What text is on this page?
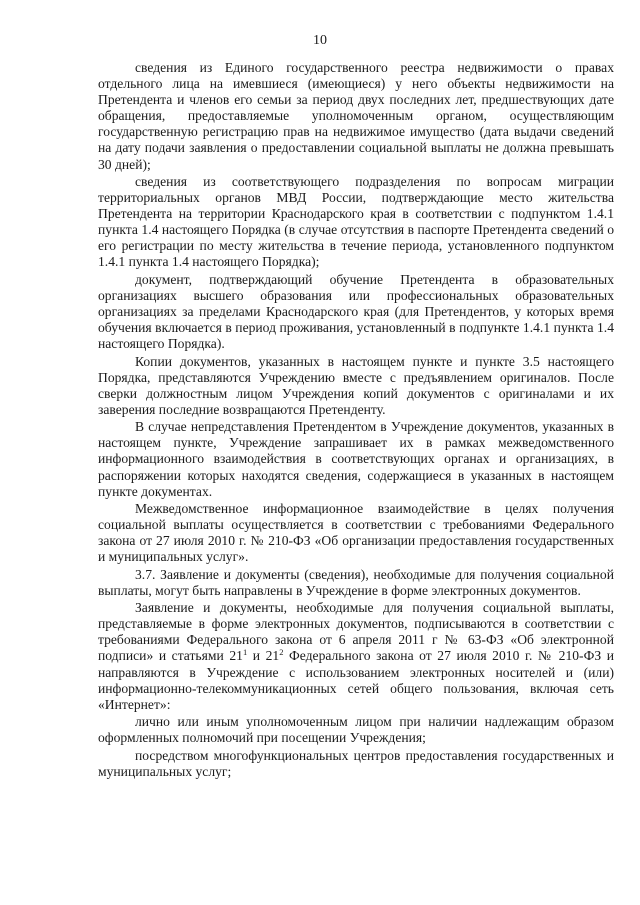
10

сведения из Единого государственного реестра недвижимости о правах отдельного лица на имевшиеся (имеющиеся) у него объекты недвижимости на Претендента и членов его семьи за период двух последних лет, предшествующих дате обращения, предоставляемые уполномоченным органом, осуществляющим государственную регистрацию прав на недвижимое имущество (дата выдачи сведений на дату подачи заявления о предоставлении социальной выплаты не должна превышать 30 дней);

сведения из соответствующего подразделения по вопросам миграции территориальных органов МВД России, подтверждающие место жительства Претендента на территории Краснодарского края в соответствии с подпунктом 1.4.1 пункта 1.4 настоящего Порядка (в случае отсутствия в паспорте Претендента сведений о его регистрации по месту жительства в течение периода, установленного подпунктом 1.4.1 пункта 1.4 настоящего Порядка);

документ, подтверждающий обучение Претендента в образовательных организациях высшего образования или профессиональных образовательных организациях за пределами Краснодарского края (для Претендентов, у которых время обучения включается в период проживания, установленный в подпункте 1.4.1 пункта 1.4 настоящего Порядка).

Копии документов, указанных в настоящем пункте и пункте 3.5 настоящего Порядка, представляются Учреждению вместе с предъявлением оригиналов. После сверки должностным лицом Учреждения копий документов с оригиналами и их заверения последние возвращаются Претенденту.

В случае непредставления Претендентом в Учреждение документов, указанных в настоящем пункте, Учреждение запрашивает их в рамках межведомственного информационного взаимодействия в соответствующих органах и организациях, в распоряжении которых находятся сведения, содержащиеся в указанных в настоящем пункте документах.

Межведомственное информационное взаимодействие в целях получения социальной выплаты осуществляется в соответствии с требованиями Федерального закона от 27 июля 2010 г. № 210-ФЗ «Об организации предоставления государственных и муниципальных услуг».

3.7. Заявление и документы (сведения), необходимые для получения социальной выплаты, могут быть направлены в Учреждение в форме электронных документов.

Заявление и документы, необходимые для получения социальной выплаты, представляемые в форме электронных документов, подписываются в соответствии с требованиями Федерального закона от 6 апреля 2011 г № 63-ФЗ «Об электронной подписи» и статьями $21^1$ и $21^2$ Федерального закона от 27 июля 2010 г. № 210-ФЗ и направляются в Учреждение с использованием электронных носителей и (или) информационно-телекоммуникационных сетей общего пользования, включая сеть «Интернет»:

лично или иным уполномоченным лицом при наличии надлежащим образом оформленных полномочий при посещении Учреждения;

посредством многофункциональных центров предоставления государственных и муниципальных услуг;
